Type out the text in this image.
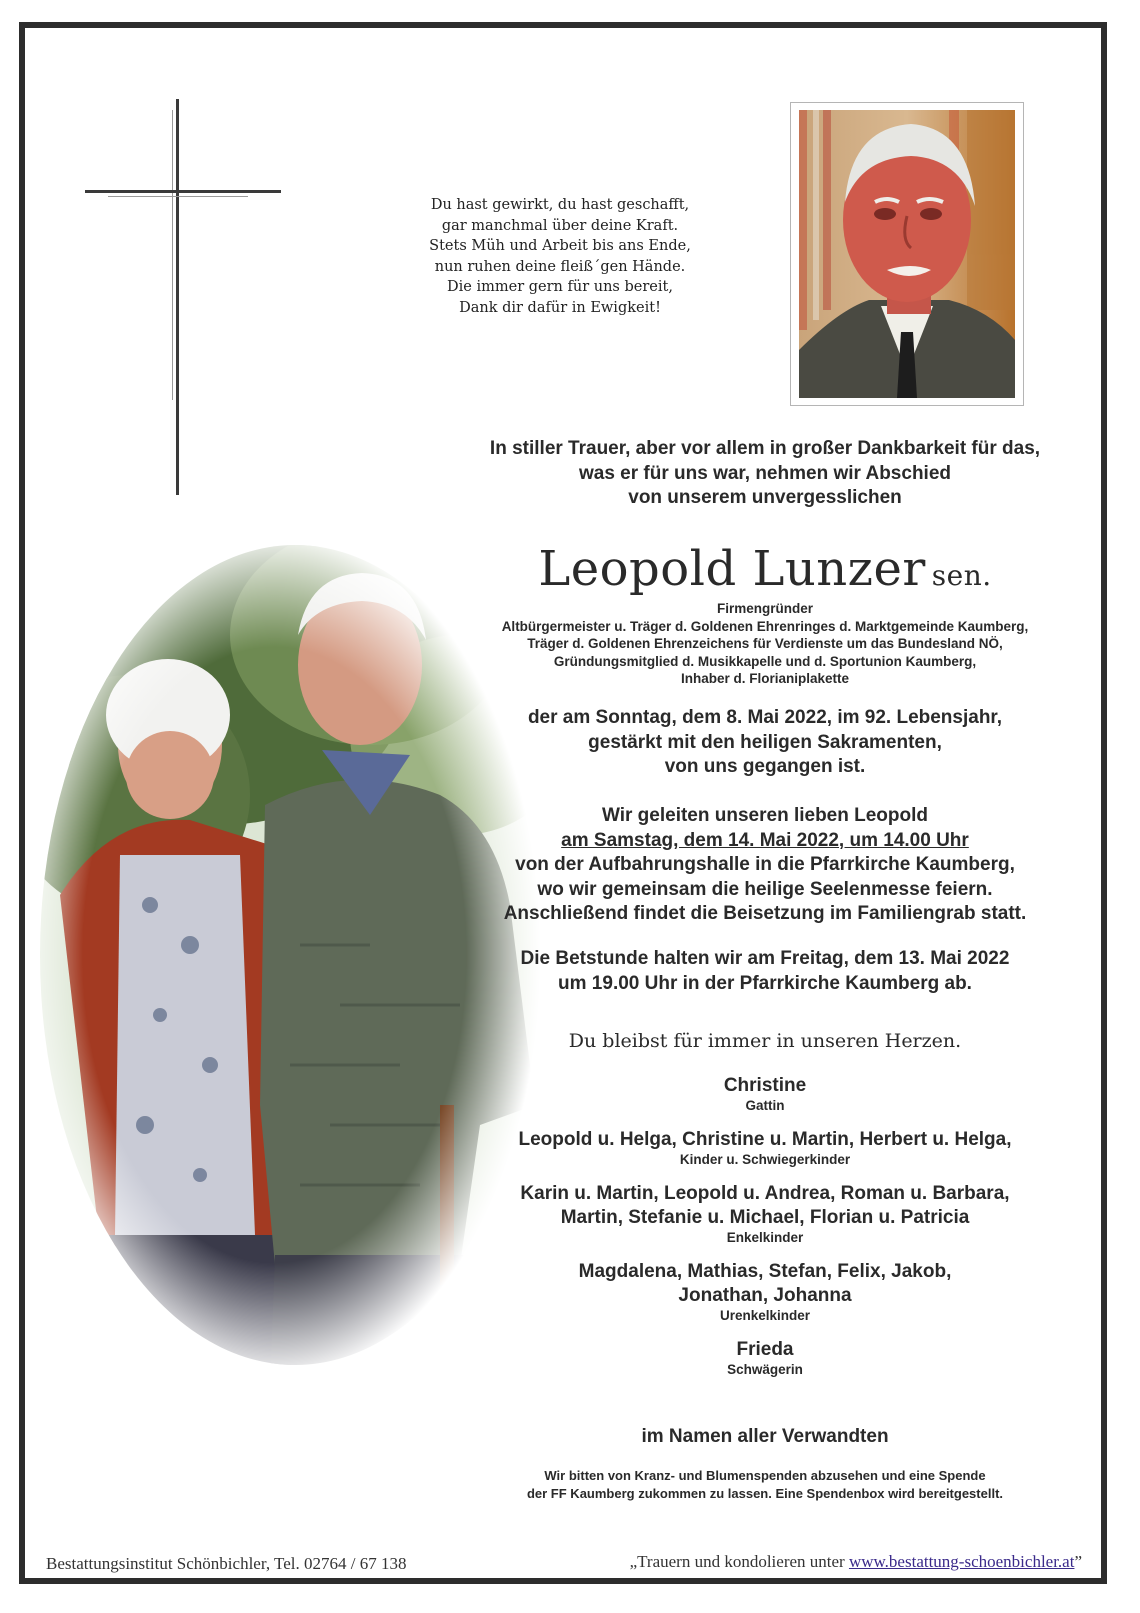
Du hast gewirkt, du hast geschafft,
gar manchmal über deine Kraft.
Stets Müh und Arbeit bis ans Ende,
nun ruhen deine fleiß´gen Hände.
Die immer gern für uns bereit,
Dank dir dafür in Ewigkeit!
In stiller Trauer, aber vor allem in großer Dankbarkeit für das,
was er für uns war, nehmen wir Abschied
von unserem unvergesslichen
Leopold Lunzer sen.
Firmengründer
Altbürgermeister u. Träger d. Goldenen Ehrenringes d. Marktgemeinde Kaumberg,
Träger d. Goldenen Ehrenzeichens für Verdienste um das Bundesland NÖ,
Gründungsmitglied d. Musikkapelle und d. Sportunion Kaumberg,
Inhaber d. Florianiplakette
der am Sonntag, dem 8. Mai 2022, im 92. Lebensjahr,
gestärkt mit den heiligen Sakramenten,
von uns gegangen ist.
Wir geleiten unseren lieben Leopold
am Samstag, dem 14. Mai 2022, um 14.00 Uhr
von der Aufbahrungshalle in die Pfarrkirche Kaumberg,
wo wir gemeinsam die heilige Seelenmesse feiern.
Anschließend findet die Beisetzung im Familiengrab statt.
Die Betstunde halten wir am Freitag, dem 13. Mai 2022
um 19.00 Uhr in der Pfarrkirche Kaumberg ab.
Du bleibst für immer in unseren Herzen.
Christine
Gattin
Leopold u. Helga, Christine u. Martin, Herbert u. Helga,
Kinder u. Schwiegerkinder
Karin u. Martin, Leopold u. Andrea, Roman u. Barbara,
Martin, Stefanie u. Michael, Florian u. Patricia
Enkelkinder
Magdalena, Mathias, Stefan, Felix, Jakob,
Jonathan, Johanna
Urenkelkinder
Frieda
Schwägerin
im Namen aller Verwandten
Wir bitten von Kranz- und Blumenspenden abzusehen und eine Spende
der FF Kaumberg zukommen zu lassen. Eine Spendenbox wird bereitgestellt.
Bestattungsinstitut Schönbichler, Tel. 02764 / 67 138	„Trauern und kondolieren unter www.bestattung-schoenbichler.at”
